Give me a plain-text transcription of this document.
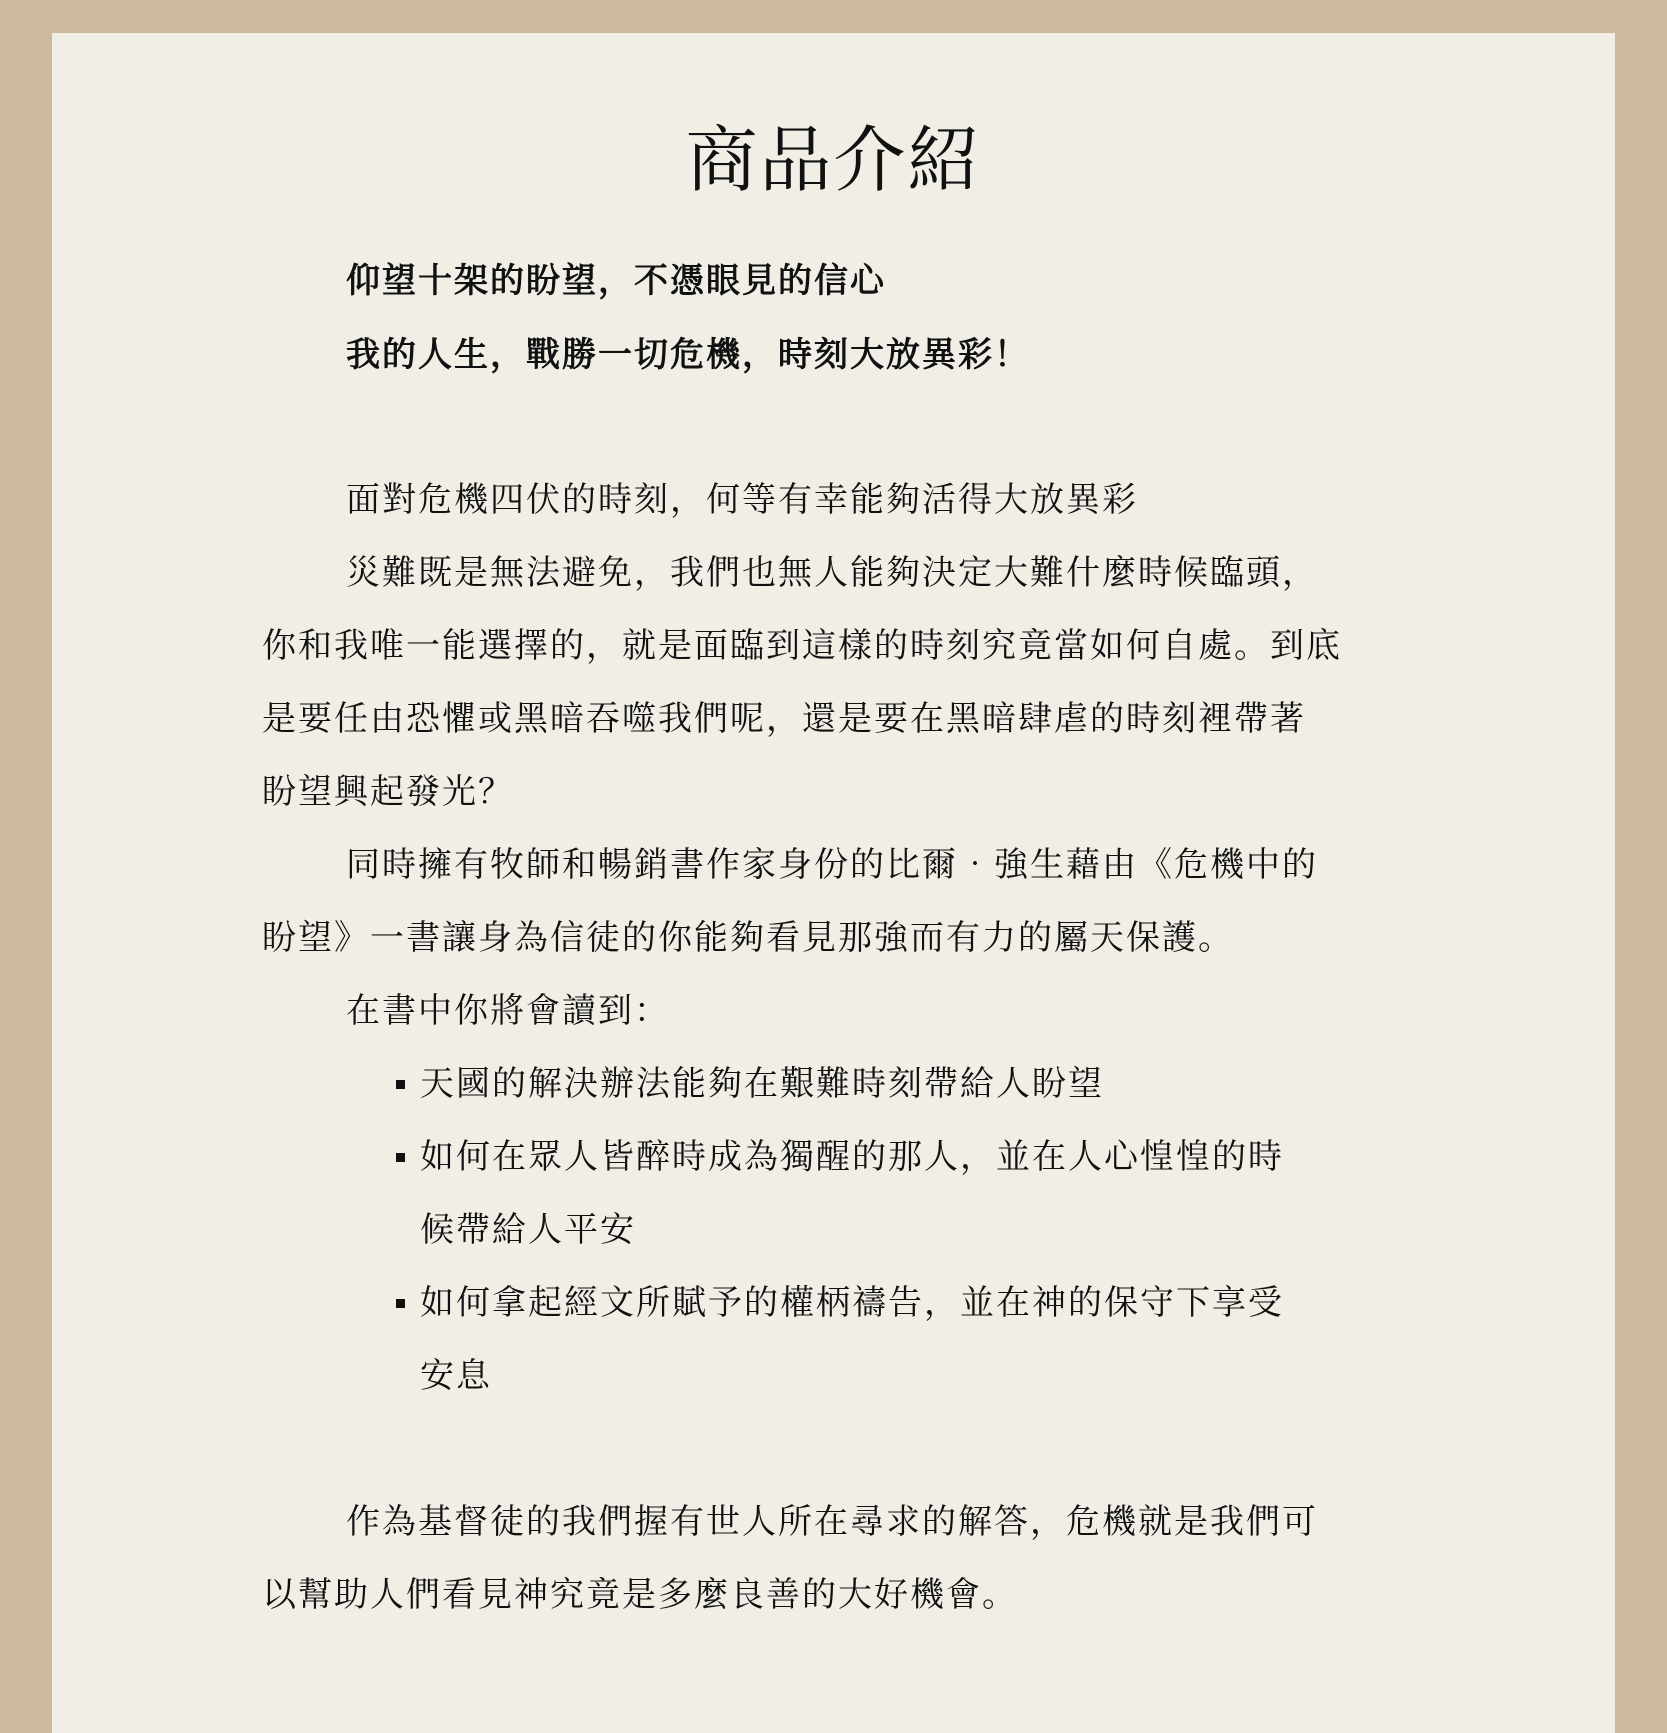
商品介紹
仰望十架的盼望，不憑眼見的信心
我的人生，戰勝一切危機，時刻大放異彩！
面對危機四伏的時刻，何等有幸能夠活得大放異彩
災難既是無法避免，我們也無人能夠決定大難什麼時候臨頭，
你和我唯一能選擇的，就是面臨到這樣的時刻究竟當如何自處。到底
是要任由恐懼或黑暗吞噬我們呢，還是要在黑暗肆虐的時刻裡帶著
盼望興起發光？
同時擁有牧師和暢銷書作家身份的比爾‧強生藉由《危機中的
盼望》一書讓身為信徒的你能夠看見那強而有力的屬天保護。
在書中你將會讀到：
天國的解決辦法能夠在艱難時刻帶給人盼望
如何在眾人皆醉時成為獨醒的那人，並在人心惶惶的時
候帶給人平安
如何拿起經文所賦予的權柄禱告，並在神的保守下享受
安息
作為基督徒的我們握有世人所在尋求的解答，危機就是我們可
以幫助人們看見神究竟是多麼良善的大好機會。
